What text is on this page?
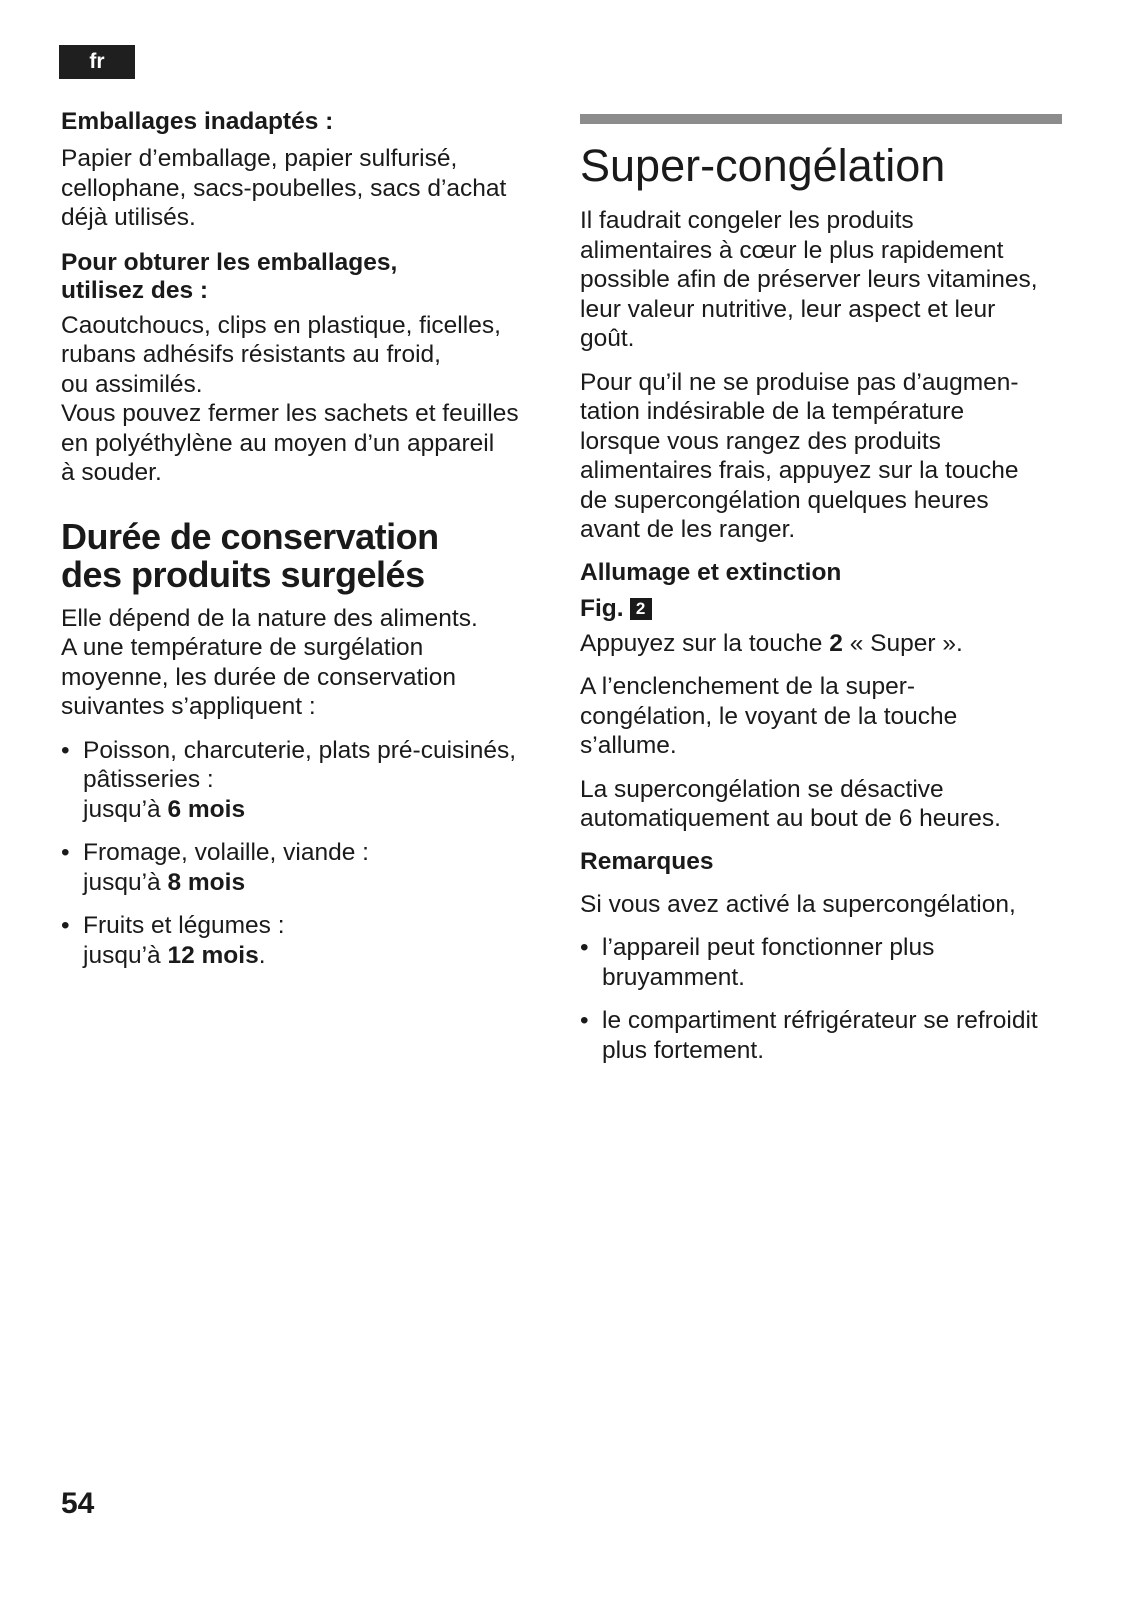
fr

Emballages inadaptés :

Papier d’emballage, papier sulfurisé,

cellophane, sacs-poubelles, sacs d’achat

déjà utilisés.

Pour obturer les emballages,

utilisez des :

Caoutchoucs, clips en plastique, ficelles,

rubans adhésifs résistants au froid,

ou assimilés.

Vous pouvez fermer les sachets et feuilles

en polyéthylène au moyen d’un appareil

à souder.

Durée de conservation

des produits surgelés

Elle dépend de la nature des aliments.

A une température de surgélation

moyenne, les durée de conservation

suivantes s’appliquent :

• Poisson, charcuterie, plats pré-cuisinés,
pâtisseries :
jusqu’à 6 mois
• Fromage, volaille, viande :
jusqu’à 8 mois
• Fruits et légumes :
jusqu’à 12 mois.

Super-congélation

Il faudrait congeler les produits

alimentaires à cœur le plus rapidement

possible afin de préserver leurs vitamines,

leur valeur nutritive, leur aspect et leur

goût.

Pour qu’il ne se produise pas d’augmen-

tation indésirable de la température

lorsque vous rangez des produits

alimentaires frais, appuyez sur la touche

de supercongélation quelques heures

avant de les ranger.

Allumage et extinction

Fig. 2

Appuyez sur la touche 2 « Super ».

A l’enclenchement de la super-

congélation, le voyant de la touche

s’allume.

La supercongélation se désactive

automatiquement au bout de 6 heures.

Remarques

Si vous avez activé la supercongélation,

• l’appareil peut fonctionner plus
bruyamment.
• le compartiment réfrigérateur se refroidit
plus fortement.
54
